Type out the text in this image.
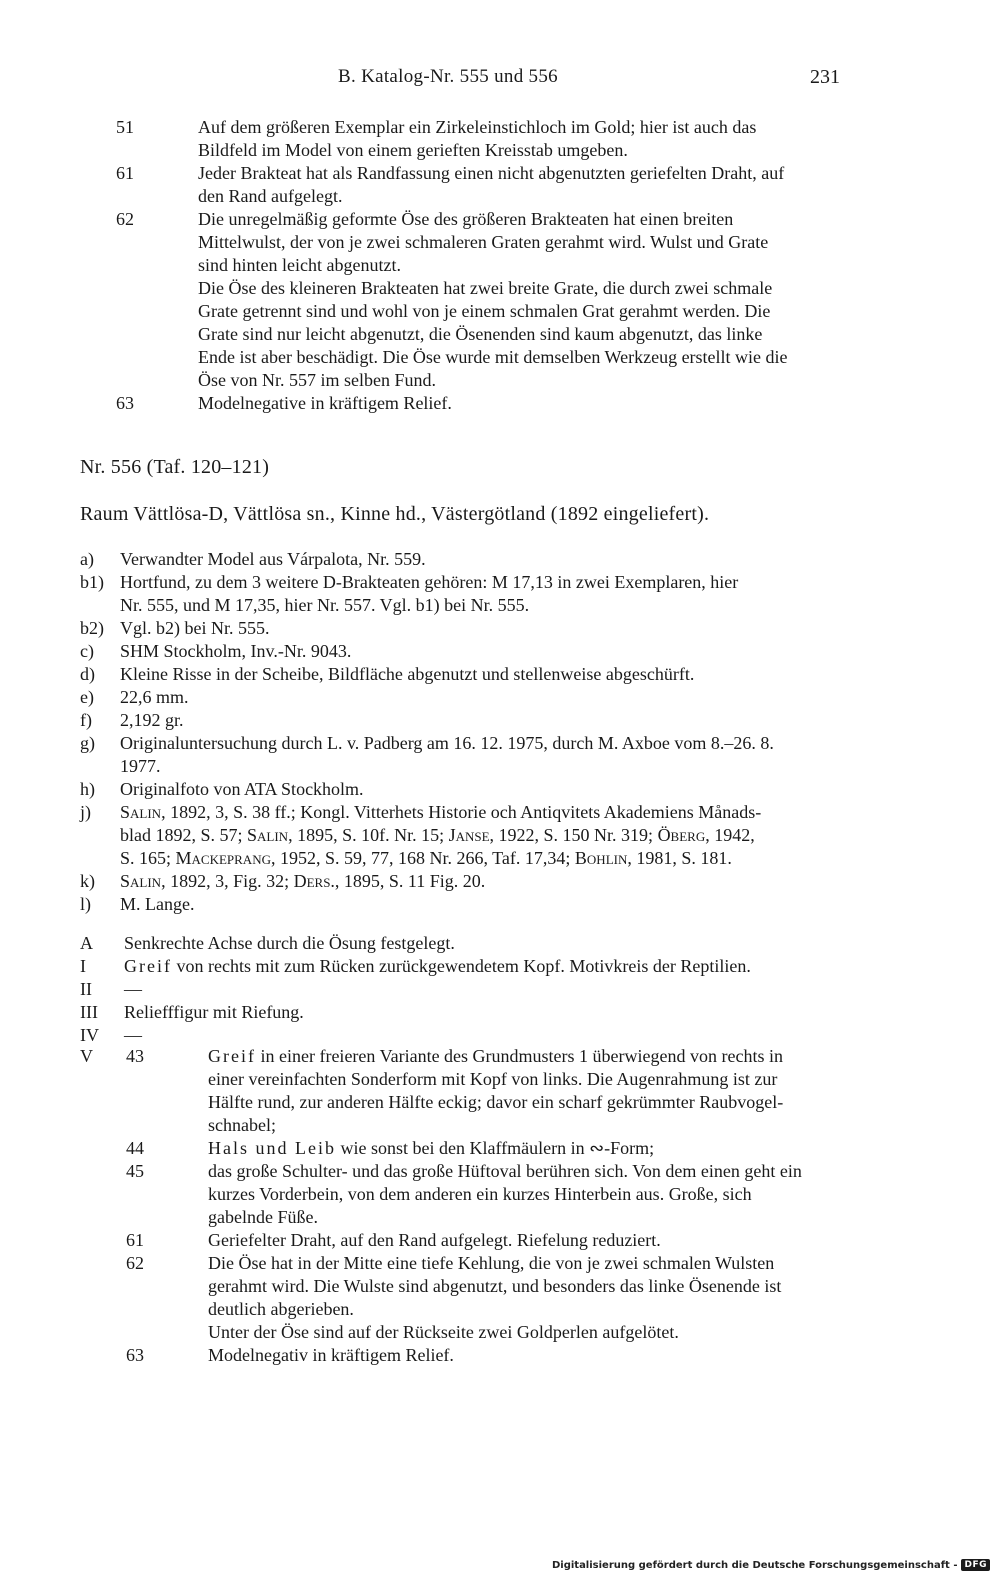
B. Katalog-Nr. 555 und 556	231
51	Auf dem größeren Exemplar ein Zirkeleinstichloch im Gold; hier ist auch das
Bildfeld im Model von einem gerieften Kreisstab umgeben.
61	Jeder Brakteat hat als Randfassung einen nicht abgenutzten geriefelten Draht, auf
den Rand aufgelegt.
62	Die unregelmäßig geformte Öse des größeren Brakteaten hat einen breiten
Mittelwulst, der von je zwei schmaleren Graten gerahmt wird. Wulst und Grate
sind hinten leicht abgenutzt.
Die Öse des kleineren Brakteaten hat zwei breite Grate, die durch zwei schmale
Grate getrennt sind und wohl von je einem schmalen Grat gerahmt werden. Die
Grate sind nur leicht abgenutzt, die Ösenenden sind kaum abgenutzt, das linke
Ende ist aber beschädigt. Die Öse wurde mit demselben Werkzeug erstellt wie die
Öse von Nr. 557 im selben Fund.
63	Modelnegative in kräftigem Relief.
Nr. 556 (Taf. 120–121)
Raum Vättlösa-D, Vättlösa sn., Kinne hd., Västergötland (1892 eingeliefert).
a) Verwandter Model aus Várpalota, Nr. 559.
b1) Hortfund, zu dem 3 weitere D-Brakteaten gehören: M 17,13 in zwei Exemplaren, hier
Nr. 555, und M 17,35, hier Nr. 557. Vgl. b1) bei Nr. 555.
b2) Vgl. b2) bei Nr. 555.
c) SHM Stockholm, Inv.-Nr. 9043.
d) Kleine Risse in der Scheibe, Bildfläche abgenutzt und stellenweise abgeschürft.
e) 22,6 mm.
f) 2,192 gr.
g) Originaluntersuchung durch L. v. Padberg am 16. 12. 1975, durch M. Axboe vom 8.–26. 8.
1977.
h) Originalfoto von ATA Stockholm.
j) Salin, 1892, 3, S. 38 ff.; Kongl. Vitterhets Historie och Antiqvitets Akademiens Månads-
blad 1892, S. 57; Salin, 1895, S. 10f. Nr. 15; Janse, 1922, S. 150 Nr. 319; Öberg, 1942,
S. 165; Mackeprang, 1952, S. 59, 77, 168 Nr. 266, Taf. 17,34; Bohlin, 1981, S. 181.
k) Salin, 1892, 3, Fig. 32; Ders., 1895, S. 11 Fig. 20.
l) M. Lange.
A Senkrechte Achse durch die Ösung festgelegt.
I Greif von rechts mit zum Rücken zurückgewendetem Kopf. Motivkreis der Reptilien.
II —
III Reliefffigur mit Riefung.
IV —
V 43	Greif in einer freieren Variante des Grundmusters 1 überwiegend von rechts in
einer vereinfachten Sonderform mit Kopf von links. Die Augenrahmung ist zur
Hälfte rund, zur anderen Hälfte eckig; davor ein scharf gekrümmter Raubvogel-
schnabel;
44	Hals und Leib wie sonst bei den Klaffmäulern in ∾-Form;
45	das große Schulter- und das große Hüftoval berühren sich. Von dem einen geht ein
kurzes Vorderbein, von dem anderen ein kurzes Hinterbein aus. Große, sich
gabelnde Füße.
61	Geriefelter Draht, auf den Rand aufgelegt. Riefelung reduziert.
62	Die Öse hat in der Mitte eine tiefe Kehlung, die von je zwei schmalen Wulsten
gerahmt wird. Die Wulste sind abgenutzt, und besonders das linke Ösenende ist
deutlich abgerieben.
Unter der Öse sind auf der Rückseite zwei Goldperlen aufgelötet.
63	Modelnegativ in kräftigem Relief.
Digitalisierung gefördert durch die Deutsche Forschungsgemeinschaft - DFG
